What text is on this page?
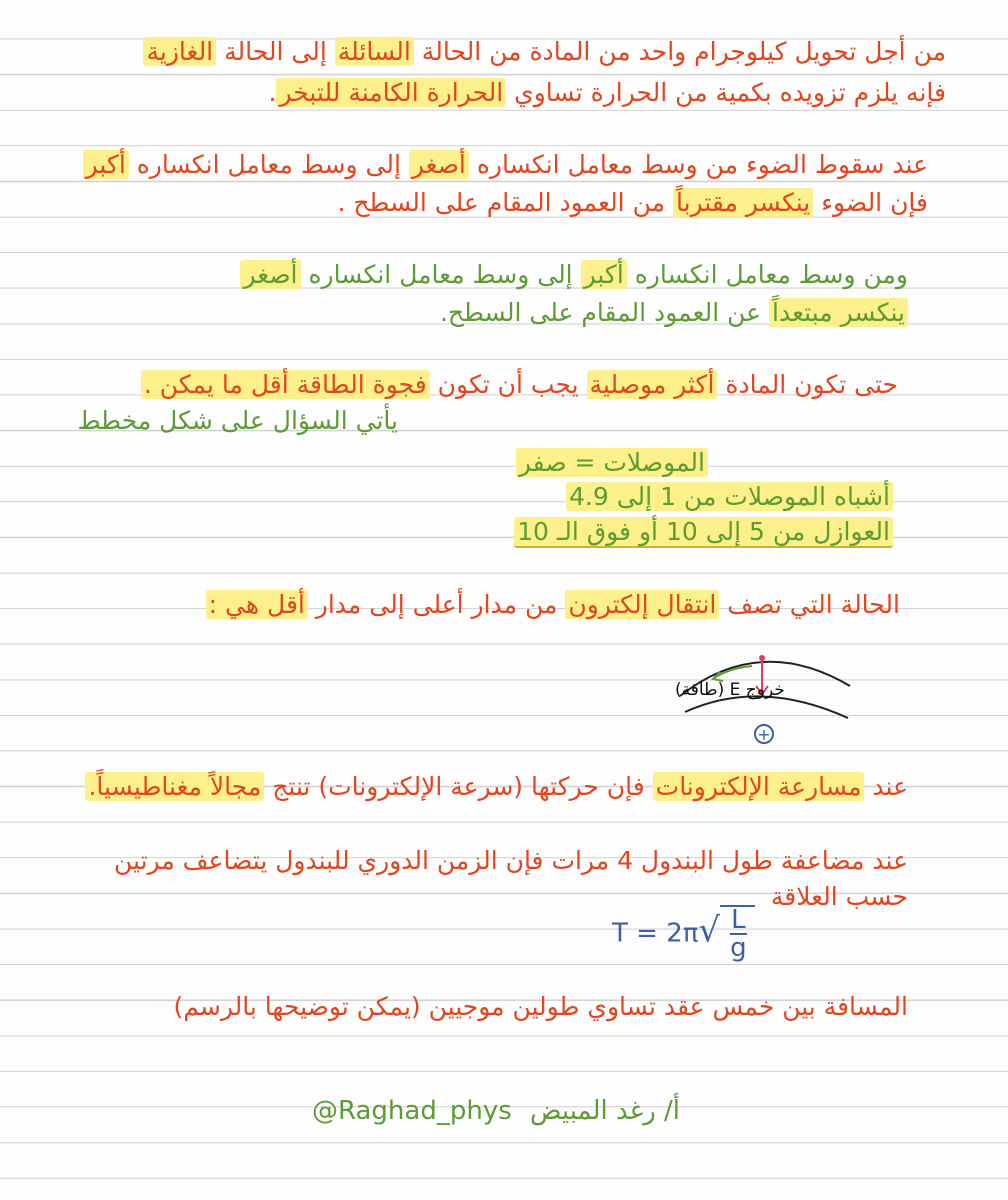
من أجل تحويل كيلوجرام واحد من المادة من الحالة السائلة إلى الحالة الغازية
فإنه يلزم تزويده بكمية من الحرارة تساوي الحرارة الكامنة للتبخر.
عند سقوط الضوء من وسط معامل انكساره أصغر إلى وسط معامل انكساره أكبر
فإن الضوء ينكسر مقترباً من العمود المقام على السطح .
ومن وسط معامل انكساره أكبر إلى وسط معامل انكساره أصغر
ينكسر مبتعداً عن العمود المقام على السطح.
حتى تكون المادة أكثر موصلية يجب أن تكون فجوة الطاقة أقل ما يمكن .
يأتي السؤال على شكل مخطط
الموصلات = صفر
أشباه الموصلات من 1 إلى 4.9
العوازل من 5 إلى 10 أو فوق الـ 10
الحالة التي تصف انتقال إلكترون من مدار أعلى إلى مدار أقل هي :
خروج E (طاقة)
+
عند مسارعة الإلكترونات فإن حركتها (سرعة الإلكترونات) تنتج مجالاً مغناطيسياً.
عند مضاعفة طول البندول 4 مرات فإن الزمن الدوري للبندول يتضاعف مرتين
حسب العلاقة
$T = 2\pi√ \frac{L}{g}$
المسافة بين خمس عقد تساوي طولين موجيين (يمكن توضيحها بالرسم)
أ/ رغد المبيض
@Raghad_phys
